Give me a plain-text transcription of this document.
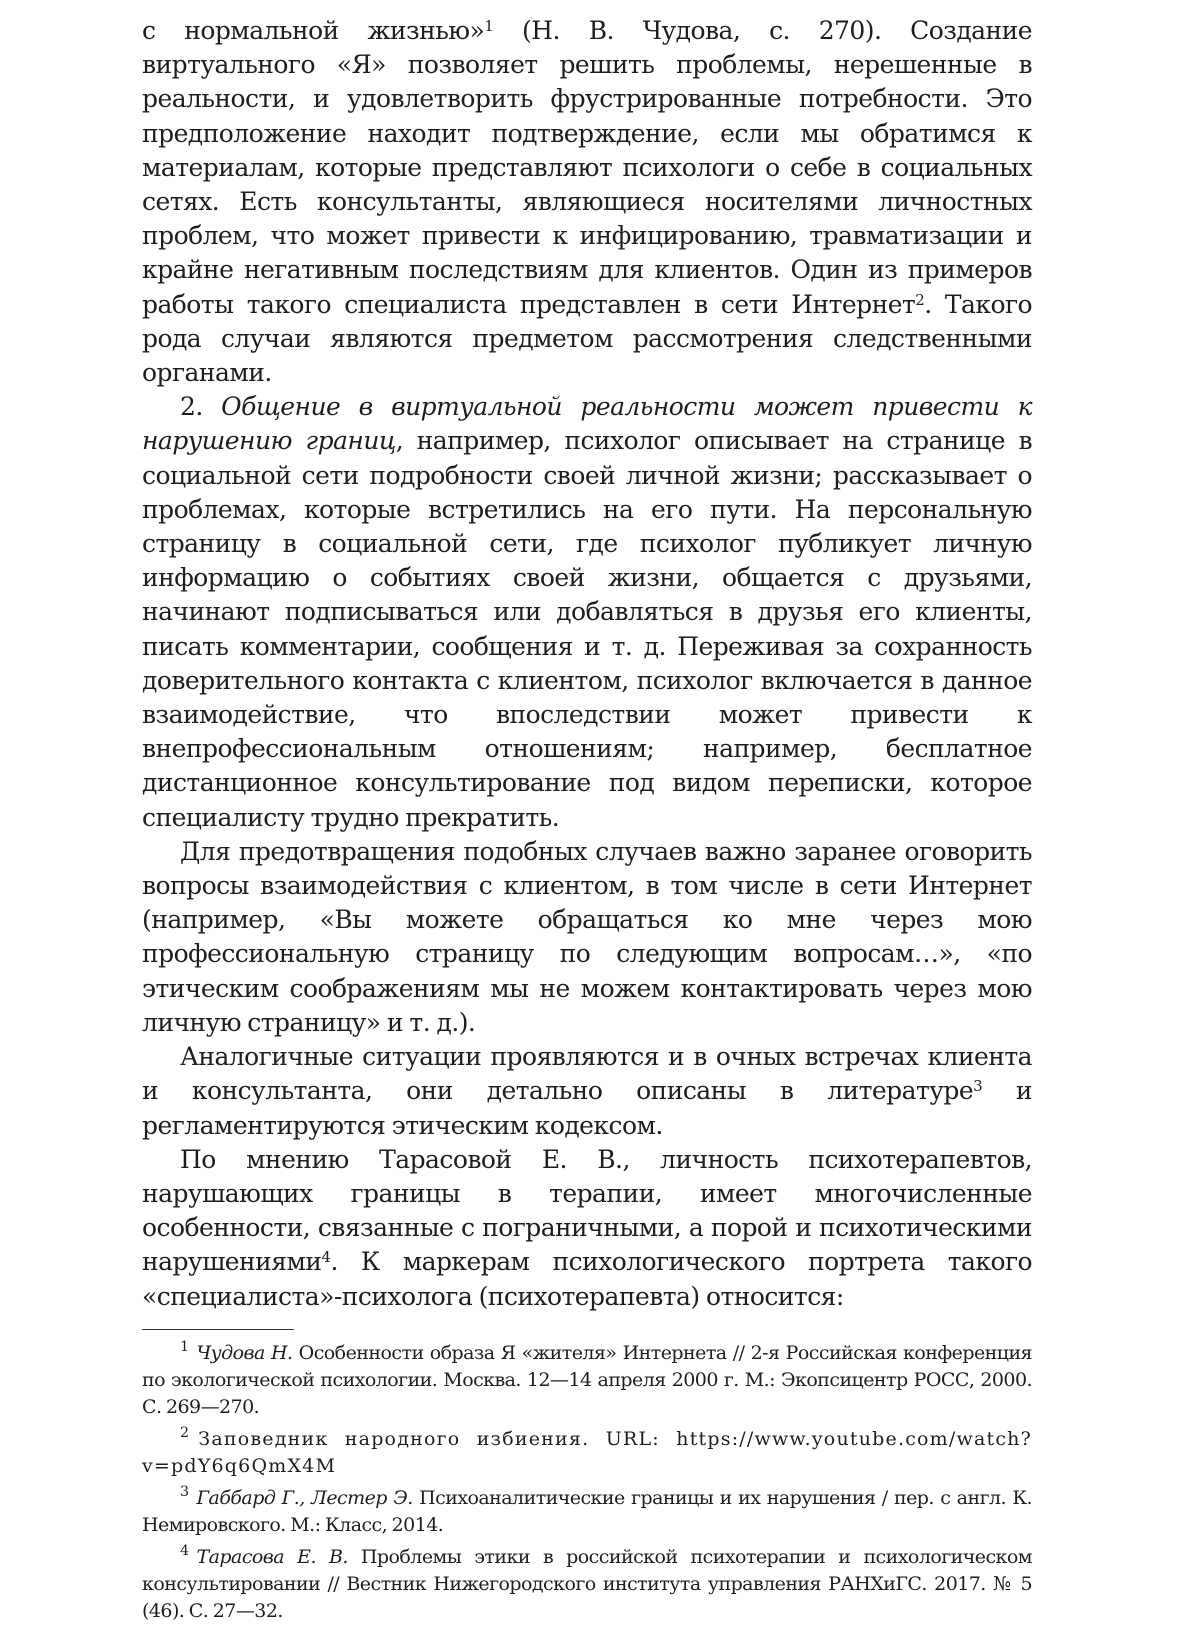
с нормальной жизнью»$^1$ (Н. В. Чудова, с. 270). Создание виртуального «Я» позволяет решить проблемы, нерешенные в реальности, и удовлетворить фрустрированные потребности. Это предположение находит подтверждение, если мы обратимся к материалам, которые представляют психологи о себе в социальных сетях. Есть консультанты, являющиеся носителями личностных проблем, что может привести к инфицированию, травматизации и крайне негативным последствиям для клиентов. Один из примеров работы такого специалиста представлен в сети Интернет$^2$. Такого рода случаи являются предметом рассмотрения следственными органами.

2. Общение в виртуальной реальности может привести к нарушению границ, например, психолог описывает на странице в социальной сети подробности своей личной жизни; рассказывает о проблемах, которые встретились на его пути. На персональную страницу в социальной сети, где психолог публикует личную информацию о событиях своей жизни, общается с друзьями, начинают подписываться или добавляться в друзья его клиенты, писать комментарии, сообщения и т. д. Переживая за сохранность доверительного контакта с клиентом, психолог включается в данное взаимодействие, что впоследствии может привести к внепрофессиональным отношениям; например, бесплатное дистанционное консультирование под видом переписки, которое специалисту трудно прекратить.

Для предотвращения подобных случаев важно заранее оговорить вопросы взаимодействия с клиентом, в том числе в сети Интернет (например, «Вы можете обращаться ко мне через мою профессиональную страницу по следующим вопросам…», «по этическим соображениям мы не можем контактировать через мою личную страницу» и т. д.).

Аналогичные ситуации проявляются и в очных встречах клиента и консультанта, они детально описаны в литературе$^3$ и регламентируются этическим кодексом.

По мнению Тарасовой Е. В., личность психотерапевтов, нарушающих границы в терапии, имеет многочисленные особенности, связанные с пограничными, а порой и психотическими нарушениями$^4$. К маркерам психологического портрета такого «специалиста»-психолога (психотерапевта) относится:

$^1$ Чудова Н. Особенности образа Я «жителя» Интернета // 2-я Российская конференция по экологической психологии. Москва. 12—14 апреля 2000 г. М.: Экопсицентр РОСС, 2000. С. 269—270.

$^2$ Заповедник народного избиения. URL: https://www.youtube.com/watch?v=pdY6q6QmX4M

$^3$ Габбард Г., Лестер Э. Психоаналитические границы и их нарушения / пер. с англ. К. Немировского. М.: Класс, 2014.

$^4$ Тарасова Е. В. Проблемы этики в российской психотерапии и психологическом консультировании // Вестник Нижегородского института управления РАНХиГС. 2017. № 5 (46). С. 27—32.
